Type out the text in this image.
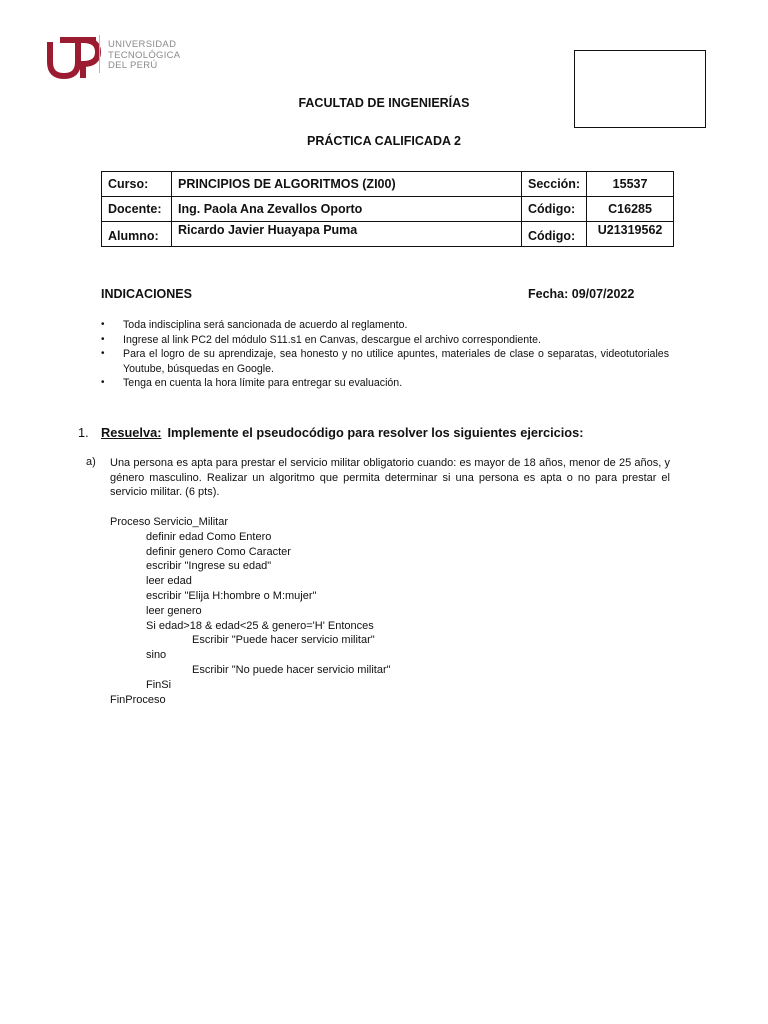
UNIVERSIDAD
TECNOLÓGICA
DEL PERÚ
FACULTAD DE INGENIERÍAS
PRÁCTICA CALIFICADA 2
Curso:	PRINCIPIOS DE ALGORITMOS (ZI00)	Sección:	15537
Docente:	Ing. Paola Ana Zevallos Oporto	Código:	C16285
Alumno:	Ricardo Javier Huayapa Puma	Código:	U21319562
INDICACIONES	Fecha: 09/07/2022
• Toda indisciplina será sancionada de acuerdo al reglamento.
• Ingrese al link PC2 del módulo S11.s1 en Canvas, descargue el archivo correspondiente.
• Para el logro de su aprendizaje, sea honesto y no utilice apuntes, materiales de clase o separatas, videotutoriales Youtube, búsquedas en Google.
• Tenga en cuenta la hora límite para entregar su evaluación.
1. Resuelva: Implemente el pseudocódigo para resolver los siguientes ejercicios:
a) Una persona es apta para prestar el servicio militar obligatorio cuando: es mayor de 18 años, menor de 25 años, y género masculino. Realizar un algoritmo que permita determinar si una persona es apta o no para prestar el servicio militar. (6 pts).
Proceso Servicio_Militar
definir edad Como Entero
definir genero Como Caracter
escribir "Ingrese su edad"
leer edad
escribir "Elija H:hombre o M:mujer"
leer genero
Si edad>18 & edad<25 & genero='H' Entonces
Escribir "Puede hacer servicio militar"
sino
Escribir "No puede hacer servicio militar"
FinSi
FinProceso
